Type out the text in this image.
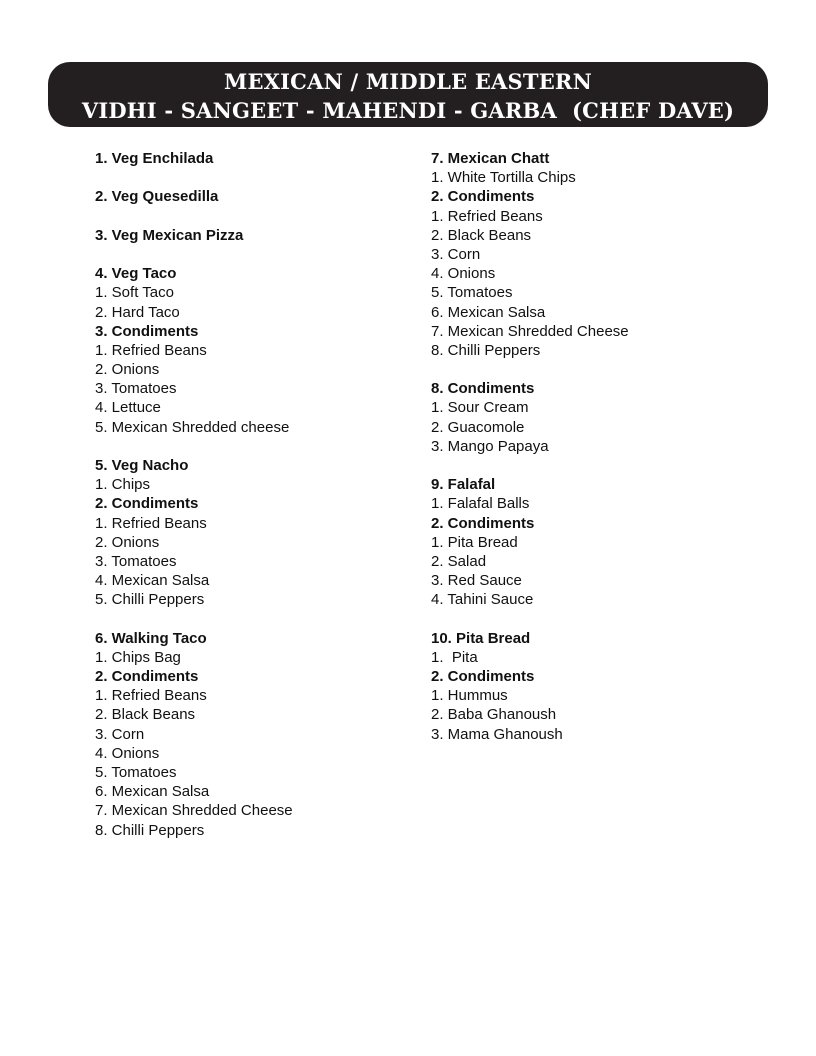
MEXICAN / MIDDLE EASTERN
VIDHI - SANGEET - MAHENDI - GARBA  (CHEF DAVE)
1. Veg Enchilada
2. Veg Quesedilla
3. Veg Mexican Pizza
4. Veg Taco
1. Soft Taco
2. Hard Taco
3. Condiments
1. Refried Beans
2. Onions
3. Tomatoes
4. Lettuce
5. Mexican Shredded cheese
5. Veg Nacho
1. Chips
2. Condiments
1. Refried Beans
2. Onions
3. Tomatoes
4. Mexican Salsa
5. Chilli Peppers
6. Walking Taco
1. Chips Bag
2. Condiments
1. Refried Beans
2. Black Beans
3. Corn
4. Onions
5. Tomatoes
6. Mexican Salsa
7. Mexican Shredded Cheese
8. Chilli Peppers
7. Mexican Chatt
1. White Tortilla Chips
2. Condiments
1. Refried Beans
2. Black Beans
3. Corn
4. Onions
5. Tomatoes
6. Mexican Salsa
7. Mexican Shredded Cheese
8. Chilli Peppers
8. Condiments
1. Sour Cream
2. Guacomole
3. Mango Papaya
9. Falafal
1. Falafal Balls
2. Condiments
1. Pita Bread
2. Salad
3. Red Sauce
4. Tahini Sauce
10. Pita Bread
1.  Pita
2. Condiments
1. Hummus
2. Baba Ghanoush
3. Mama Ghanoush
